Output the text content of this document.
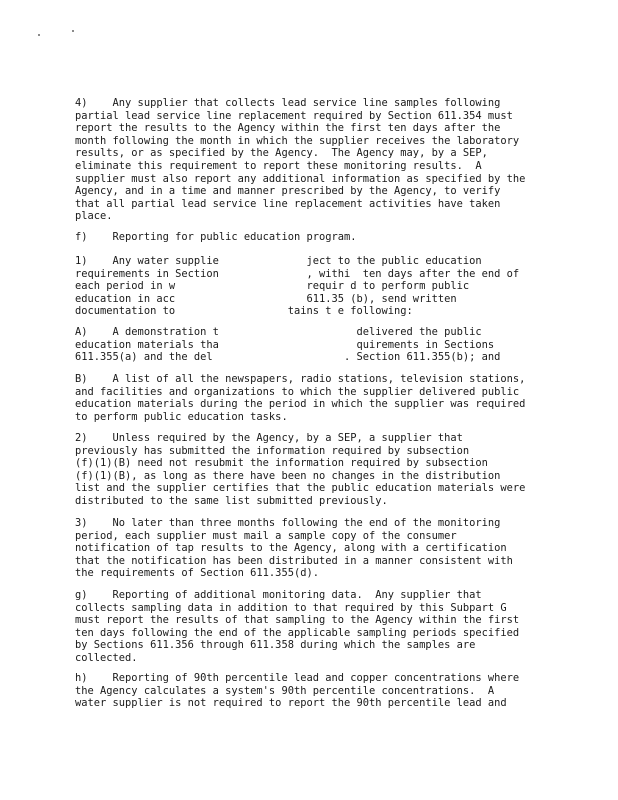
4)    Any supplier that collects lead service line samples following
partial lead service line replacement required by Section 611.354 must
report the results to the Agency within the first ten days after the
month following the month in which the supplier receives the laboratory
results, or as specified by the Agency.  The Agency may, by a SEP,
eliminate this requirement to report these monitoring results.  A
supplier must also report any additional information as specified by the
Agency, and in a time and manner prescribed by the Agency, to verify
that all partial lead service line replacement activities have taken
place.

f)    Reporting for public education program.

1)    Any water supplie              ject to the public education
requirements in Section              , withi  ten days after the end of
each period in w                     requir d to perform public
education in acc                     611.35 (b), send written
documentation to                  tains t e following:

A)    A demonstration t                      delivered the public
education materials tha                      quirements in Sections
611.355(a) and the del                     . Section 611.355(b); and

B)    A list of all the newspapers, radio stations, television stations,
and facilities and organizations to which the supplier delivered public
education materials during the period in which the supplier was required
to perform public education tasks.

2)    Unless required by the Agency, by a SEP, a supplier that
previously has submitted the information required by subsection
(f)(1)(B) need not resubmit the information required by subsection
(f)(1)(B), as long as there have been no changes in the distribution
list and the supplier certifies that the public education materials were
distributed to the same list submitted previously.

3)    No later than three months following the end of the monitoring
period, each supplier must mail a sample copy of the consumer
notification of tap results to the Agency, along with a certification
that the notification has been distributed in a manner consistent with
the requirements of Section 611.355(d).

g)    Reporting of additional monitoring data.  Any supplier that
collects sampling data in addition to that required by this Subpart G
must report the results of that sampling to the Agency within the first
ten days following the end of the applicable sampling periods specified
by Sections 611.356 through 611.358 during which the samples are
collected.

h)    Reporting of 90th percentile lead and copper concentrations where
the Agency calculates a system's 90th percentile concentrations.  A
water supplier is not required to report the 90th percentile lead and
